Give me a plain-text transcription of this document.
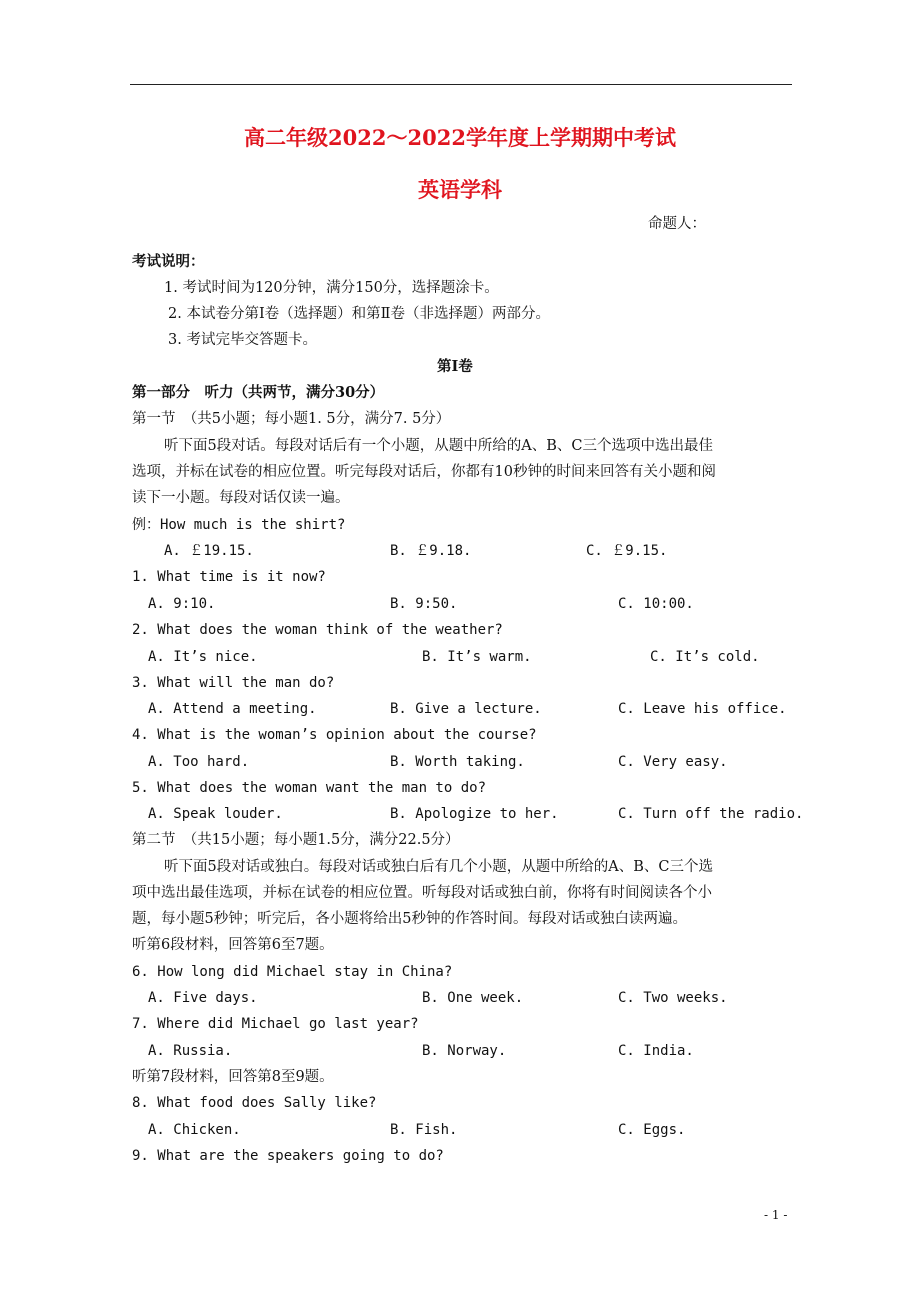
高二年级2022～2022学年度上学期期中考试
英语学科
命题人：
考试说明：
1. 考试时间为120分钟，满分150分，选择题涂卡。
2. 本试卷分第Ⅰ卷（选择题）和第Ⅱ卷（非选择题）两部分。
3. 考试完毕交答题卡。
第Ⅰ卷
第一部分　听力（共两节，满分30分）
第一节　（共5小题；每小题1. 5分，满分7. 5分）
听下面5段对话。每段对话后有一个小题，从题中所给的A、B、C三个选项中选出最佳
选项，并标在试卷的相应位置。听完每段对话后，你都有10秒钟的时间来回答有关小题和阅
读下一小题。每段对话仅读一遍。
例：How much is the shirt?
A. ￡19.15.	B. ￡9.18.	C. ￡9.15.
1. What time is it now?
A. 9:10.	B. 9:50.	C. 10:00.
2. What does the woman think of the weather?
A. It’s nice.	B. It’s warm.	C. It’s cold.
3. What will the man do?
A. Attend a meeting.	B. Give a lecture.	C. Leave his office.
4. What is the woman’s opinion about the course?
A. Too hard.	B. Worth taking.	C. Very easy.
5. What does the woman want the man to do?
A. Speak louder.	B. Apologize to her.	C. Turn off the radio.
第二节　（共15小题；每小题1.5分，满分22.5分）
听下面5段对话或独白。每段对话或独白后有几个小题，从题中所给的A、B、C三个选
项中选出最佳选项，并标在试卷的相应位置。听每段对话或独白前，你将有时间阅读各个小
题，每小题5秒钟；听完后，各小题将给出5秒钟的作答时间。每段对话或独白读两遍。
听第6段材料，回答第6至7题。
6. How long did Michael stay in China?
A. Five days.	B. One week.	C. Two weeks.
7. Where did Michael go last year?
A. Russia.	B. Norway.	C. India.
听第7段材料，回答第8至9题。
8. What food does Sally like?
A. Chicken.	B. Fish.	C. Eggs.
9. What are the speakers going to do?
- 1 -
